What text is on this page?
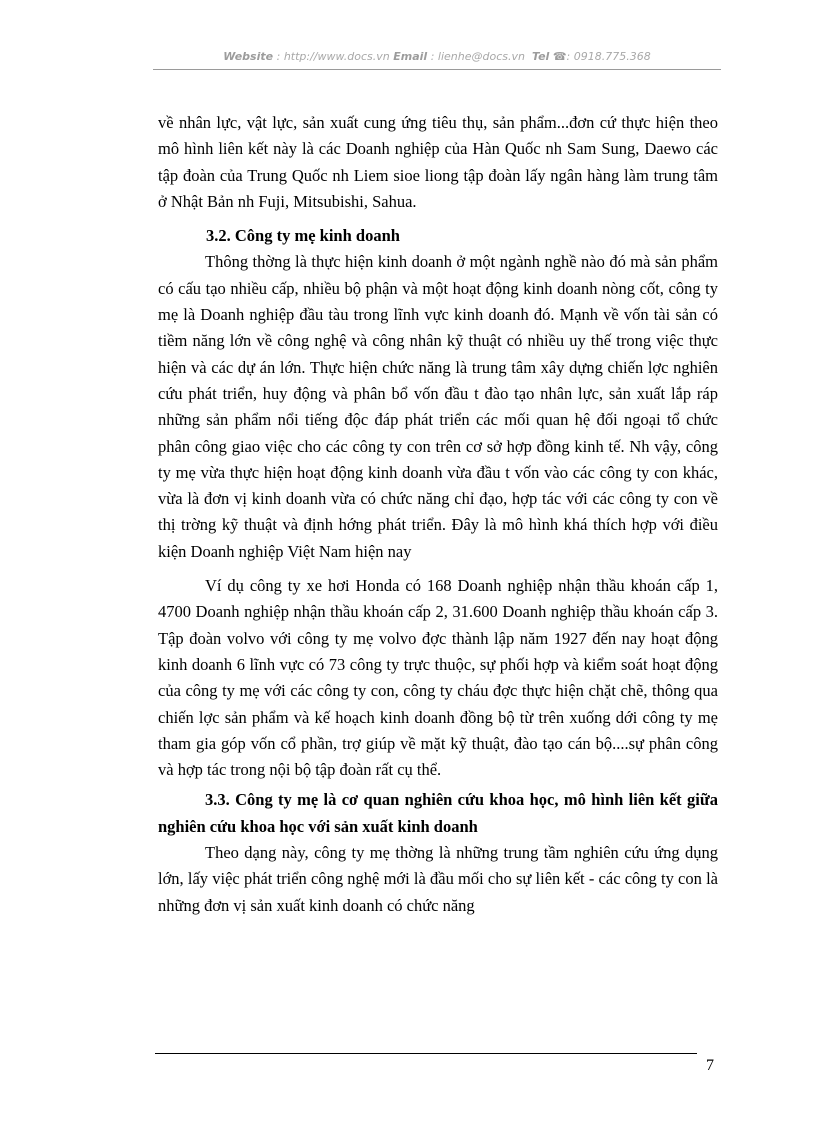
Website : http://www.docs.vn Email : lienhe@docs.vn Tel ☎: 0918.775.368

về nhân lực, vật lực, sản xuất cung ứng tiêu thụ, sản phẩm...đơn cứ thực hiện theo mô hình liên kết này là các Doanh nghiệp của Hàn Quốc nh Sam Sung, Daewo các tập đoàn của Trung Quốc nh Liem sioe liong tập đoàn lấy ngân hàng làm trung tâm ở Nhật Bản nh Fuji, Mitsubishi, Sahua.

3.2. Công ty mẹ kinh doanh

Thông thờng là thực hiện kinh doanh ở một ngành nghề nào đó mà sản phẩm có cấu tạo nhiều cấp, nhiều bộ phận và một hoạt động kinh doanh nòng cốt, công ty mẹ là Doanh nghiệp đầu tàu trong lĩnh vực kinh doanh đó. Mạnh về vốn tài sản có tiềm năng lớn về công nghệ và công nhân kỹ thuật có nhiều uy thế trong việc thực hiện và các dự án lớn. Thực hiện chức năng là trung tâm xây dựng chiến lợc nghiên cứu phát triển, huy động và phân bổ vốn đầu t đào tạo nhân lực, sản xuất lắp ráp những sản phẩm nổi tiếng độc đáp phát triển các mối quan hệ đối ngoại tổ chức phân công giao việc cho các công ty con trên cơ sở hợp đồng kinh tế. Nh vậy, công ty mẹ vừa thực hiện hoạt động kinh doanh vừa đầu t vốn vào các công ty con khác, vừa là đơn vị kinh doanh vừa có chức năng chỉ đạo, hợp tác với các công ty con về thị trờng kỹ thuật và định hớng phát triển. Đây là mô hình khá thích hợp với điều kiện Doanh nghiệp Việt Nam hiện nay

Ví dụ công ty xe hơi Honda có 168 Doanh nghiệp nhận thầu khoán cấp 1, 4700 Doanh nghiệp nhận thầu khoán cấp 2, 31.600 Doanh nghiệp thầu khoán cấp 3. Tập đoàn volvo với công ty mẹ volvo đợc thành lập năm 1927 đến nay hoạt động kinh doanh 6 lĩnh vực có 73 công ty trực thuộc, sự phối hợp và kiểm soát hoạt động của công ty mẹ với các công ty con, công ty cháu đợc thực hiện chặt chẽ, thông qua chiến lợc sản phẩm và kế hoạch kinh doanh đồng bộ từ trên xuống dới công ty mẹ tham gia góp vốn cổ phần, trợ giúp về mặt kỹ thuật, đào tạo cán bộ....sự phân công và hợp tác trong nội bộ tập đoàn rất cụ thể.

3.3. Công ty mẹ là cơ quan nghiên cứu khoa học, mô hình liên kết giữa nghiên cứu khoa học với sản xuất kinh doanh

Theo dạng này, công ty mẹ thờng là những trung tầm nghiên cứu ứng dụng lớn, lấy việc phát triển công nghệ mới là đầu mối cho sự liên kết - các công ty con là những đơn vị sản xuất kinh doanh có chức năng

7
